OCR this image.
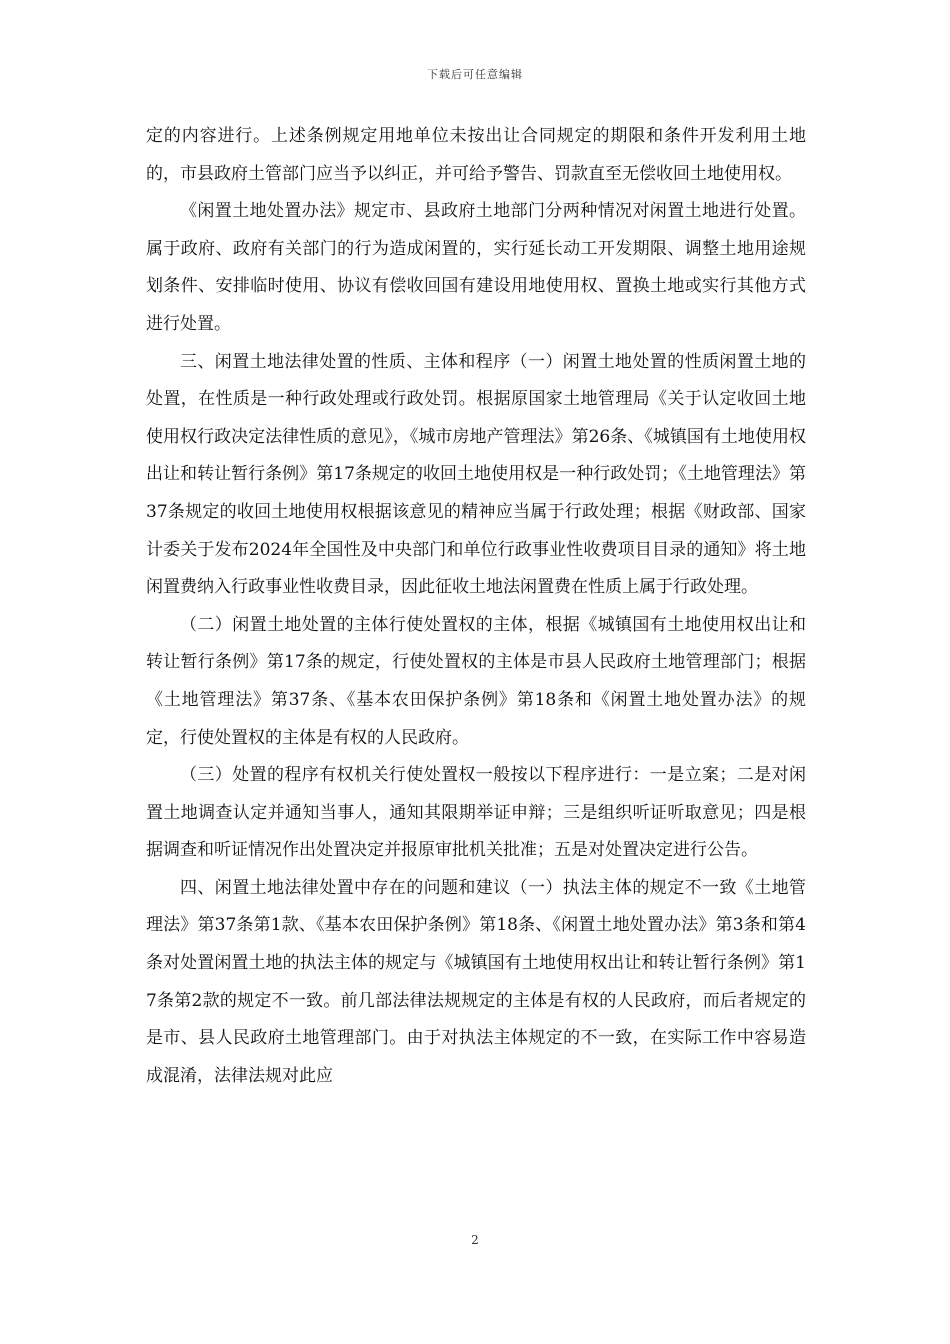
下载后可任意编辑

定的内容进行。上述条例规定用地单位未按出让合同规定的期限和条件开发利用土地的，市县政府土管部门应当予以纠正，并可给予警告、罚款直至无偿收回土地使用权。

《闲置土地处置办法》规定市、县政府土地部门分两种情况对闲置土地进行处置。属于政府、政府有关部门的行为造成闲置的，实行延长动工开发期限、调整土地用途规划条件、安排临时使用、协议有偿收回国有建设用地使用权、置换土地或实行其他方式进行处置。

三、闲置土地法律处置的性质、主体和程序（一）闲置土地处置的性质闲置土地的处置，在性质是一种行政处理或行政处罚。根据原国家土地管理局《关于认定收回土地使用权行政决定法律性质的意见》，《城市房地产管理法》第26条、《城镇国有土地使用权出让和转让暂行条例》第17条规定的收回土地使用权是一种行政处罚；《土地管理法》第37条规定的收回土地使用权根据该意见的精神应当属于行政处理；根据《财政部、国家计委关于发布2024年全国性及中央部门和单位行政事业性收费项目目录的通知》将土地闲置费纳入行政事业性收费目录，因此征收土地法闲置费在性质上属于行政处理。

（二）闲置土地处置的主体行使处置权的主体，根据《城镇国有土地使用权出让和转让暂行条例》第17条的规定，行使处置权的主体是市县人民政府土地管理部门；根据《土地管理法》第37条、《基本农田保护条例》第18条和《闲置土地处置办法》的规定，行使处置权的主体是有权的人民政府。

（三）处置的程序有权机关行使处置权一般按以下程序进行：一是立案；二是对闲置土地调查认定并通知当事人，通知其限期举证申辩；三是组织听证听取意见；四是根据调查和听证情况作出处置决定并报原审批机关批准；五是对处置决定进行公告。

四、闲置土地法律处置中存在的问题和建议（一）执法主体的规定不一致《土地管理法》第37条第1款、《基本农田保护条例》第18条、《闲置土地处置办法》第3条和第4条对处置闲置土地的执法主体的规定与《城镇国有土地使用权出让和转让暂行条例》第17条第2款的规定不一致。前几部法律法规规定的主体是有权的人民政府，而后者规定的是市、县人民政府土地管理部门。由于对执法主体规定的不一致，在实际工作中容易造成混淆，法律法规对此应

2
